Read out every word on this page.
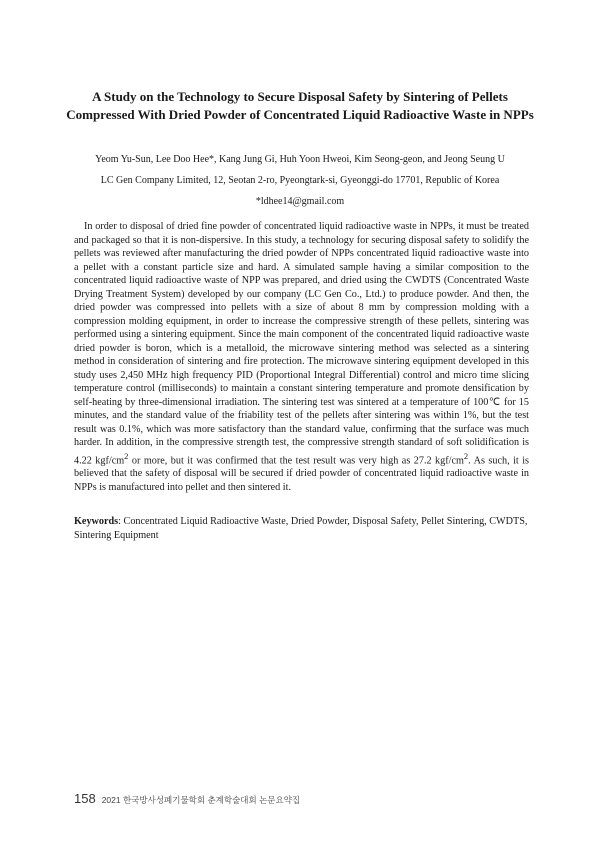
A Study on the Technology to Secure Disposal Safety by Sintering of Pellets Compressed With Dried Powder of Concentrated Liquid Radioactive Waste in NPPs
Yeom Yu-Sun, Lee Doo Hee*, Kang Jung Gi, Huh Yoon Hweoi, Kim Seong-geon, and Jeong Seung U
LC Gen Company Limited, 12, Seotan 2-ro, Pyeongtark-si, Gyeonggi-do 17701, Republic of Korea
*ldhee14@gmail.com

In order to disposal of dried fine powder of concentrated liquid radioactive waste in NPPs, it must be treated and packaged so that it is non-dispersive. In this study, a technology for securing disposal safety to solidify the pellets was reviewed after manufacturing the dried powder of NPPs concentrated liquid radioactive waste into a pellet with a constant particle size and hard. A simulated sample having a similar composition to the concentrated liquid radioactive waste of NPP was prepared, and dried using the CWDTS (Concentrated Waste Drying Treatment System) developed by our company (LC Gen Co., Ltd.) to produce powder. And then, the dried powder was compressed into pellets with a size of about 8 mm by compression molding with a compression molding equipment, in order to increase the compressive strength of these pellets, sintering was performed using a sintering equipment. Since the main component of the concentrated liquid radioactive waste dried powder is boron, which is a metalloid, the microwave sintering method was selected as a sintering method in consideration of sintering and fire protection. The microwave sintering equipment developed in this study uses 2,450 MHz high frequency PID (Proportional Integral Differential) control and micro time slicing temperature control (milliseconds) to maintain a constant sintering temperature and promote densification by self-heating by three-dimensional irradiation. The sintering test was sintered at a temperature of 100℃ for 15 minutes, and the standard value of the friability test of the pellets after sintering was within 1%, but the test result was 0.1%, which was more satisfactory than the standard value, confirming that the surface was much harder. In addition, in the compressive strength test, the compressive strength standard of soft solidification is 4.22 kgf/$cm^2$ or more, but it was confirmed that the test result was very high as 27.2 kgf/$cm^2$. As such, it is believed that the safety of disposal will be secured if dried powder of concentrated liquid radioactive waste in NPPs is manufactured into pellet and then sintered it.

Keywords: Concentrated Liquid Radioactive Waste, Dried Powder, Disposal Safety, Pellet Sintering, CWDTS, Sintering Equipment

158 2021 한국방사성폐기물학회 춘계학술대회 논문요약집
